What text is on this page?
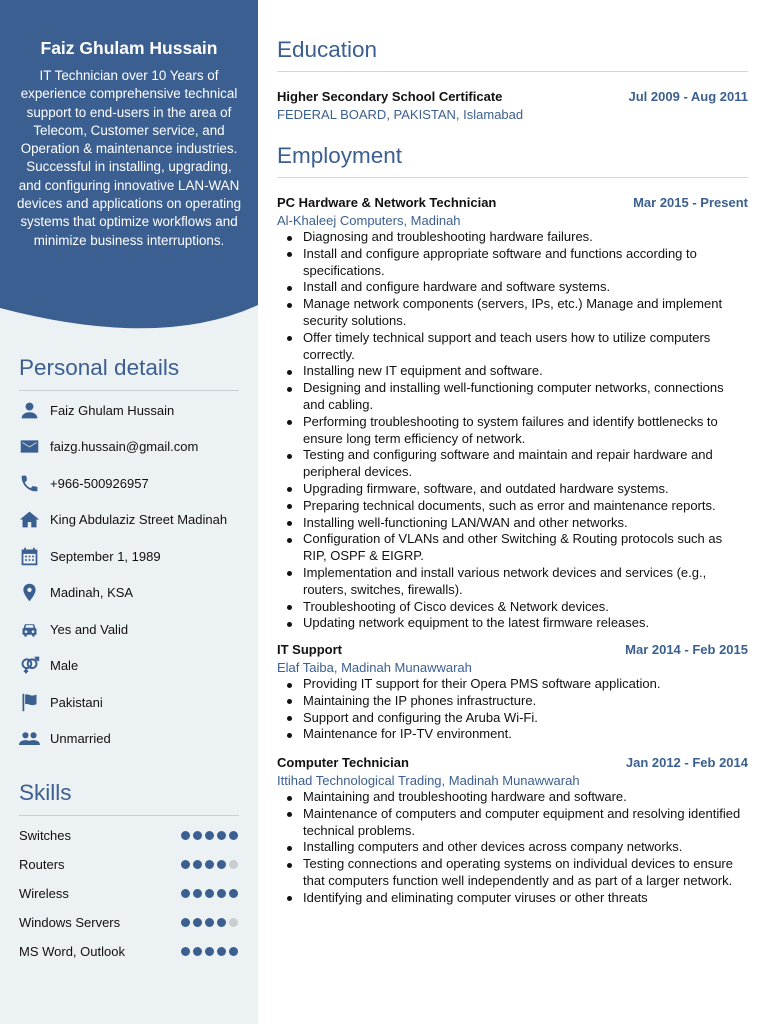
Faiz Ghulam Hussain

IT Technician over 10 Years of experience comprehensive technical support to end-users in the area of Telecom, Customer service, and Operation & maintenance industries. Successful in installing, upgrading, and configuring innovative LAN-WAN devices and applications on operating systems that optimize workflows and minimize business interruptions.

Personal details
Faiz Ghulam Hussain
faizg.hussain@gmail.com
+966-500926957
King Abdulaziz Street Madinah
September 1, 1989
Madinah, KSA
Yes and Valid
Male
Pakistani
Unmarried
Skills
Switches
Routers
Wireless
Windows Servers
MS Word, Outlook
Education
Higher Secondary School Certificate	Jul 2009 - Aug 2011
FEDERAL BOARD, PAKISTAN, Islamabad
Employment
PC Hardware & Network Technician	Mar 2015 - Present
Al-Khaleej Computers, Madinah
Diagnosing and troubleshooting hardware failures.
Install and configure appropriate software and functions according to specifications.
Install and configure hardware and software systems.
Manage network components (servers, IPs, etc.) Manage and implement security solutions.
Offer timely technical support and teach users how to utilize computers correctly.
Installing new IT equipment and software.
Designing and installing well-functioning computer networks, connections and cabling.
Performing troubleshooting to system failures and identify bottlenecks to ensure long term efficiency of network.
Testing and configuring software and maintain and repair hardware and peripheral devices.
Upgrading firmware, software, and outdated hardware systems.
Preparing technical documents, such as error and maintenance reports.
Installing well-functioning LAN/WAN and other networks.
Configuration of VLANs and other Switching & Routing protocols such as RIP, OSPF & EIGRP.
Implementation and install various network devices and services (e.g., routers, switches, firewalls).
Troubleshooting of Cisco devices & Network devices.
Updating network equipment to the latest firmware releases.
IT Support	Mar 2014 - Feb 2015
Elaf Taiba, Madinah Munawwarah
Providing IT support for their Opera PMS software application.
Maintaining the IP phones infrastructure.
Support and configuring the Aruba Wi-Fi.
Maintenance for IP-TV environment.
Computer Technician	Jan 2012 - Feb 2014
Ittihad Technological Trading, Madinah Munawwarah
Maintaining and troubleshooting hardware and software.
Maintenance of computers and computer equipment and resolving identified technical problems.
Installing computers and other devices across company networks.
Testing connections and operating systems on individual devices to ensure that computers function well independently and as part of a larger network.
Identifying and eliminating computer viruses or other threats
